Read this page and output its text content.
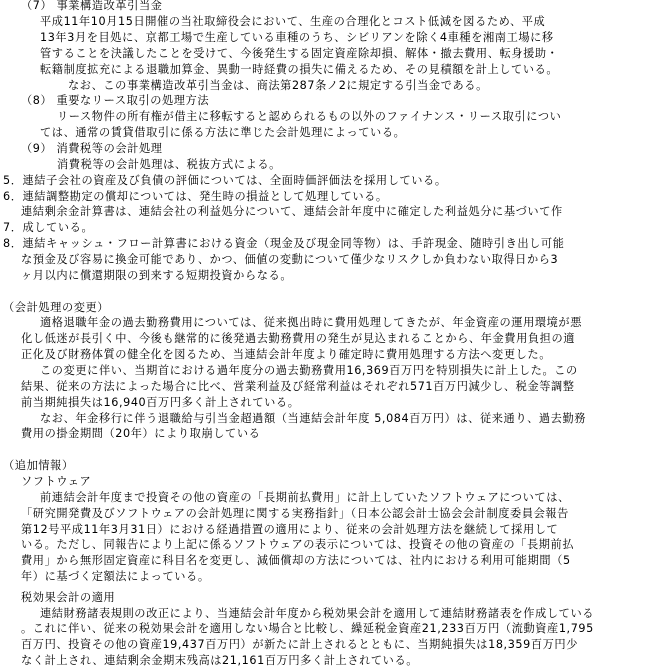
（7） 事業構造改革引当金
平成11年10月15日開催の当社取締役会において、生産の合理化とコスト低減を図るため、平成
13年3月を目処に、京都工場で生産している車種のうち、シビリアンを除く4車種を湘南工場に移
管することを決議したことを受けて、今後発生する固定資産除却損、解体・撤去費用、転身援助・
転籍制度拡充による退職加算金、異動一時経費の損失に備えるため、その見積額を計上している。
なお、この事業構造改革引当金は、商法第287条ノ2に規定する引当金である。
（8） 重要なリース取引の処理方法
リース物件の所有権が借主に移転すると認められるもの以外のファイナンス・リース取引につい
ては、通常の賃貸借取引に係る方法に準じた会計処理によっている。
（9） 消費税等の会計処理
消費税等の会計処理は、税抜方式による。
5．連結子会社の資産及び負債の評価については、全面時価評価法を採用している。
6．連結調整勘定の償却については、発生時の損益として処理している。
連結剰余金計算書は、連結会社の利益処分について、連結会計年度中に確定した利益処分に基づいて作
7．成している。
8．連結キャッシュ・フロー計算書における資金（現金及び現金同等物）は、手許現金、随時引き出し可能
な預金及び容易に換金可能であり、かつ、価値の変動について僅少なリスクしか負わない取得日から3
ヶ月以内に償還期限の到来する短期投資からなる。
（会計処理の変更）
適格退職年金の過去勤務費用については、従来拠出時に費用処理してきたが、年金資産の運用環境が悪
化し低迷が長引く中、今後も継常的に後発過去勤務費用の発生が見込まれることから、年金費用負担の適
正化及び財務体質の健全化を図るため、当連結会計年度より確定時に費用処理する方法へ変更した。
この変更に伴い、当期首における過年度分の過去勤務費用16,369百万円を特別損失に計上した。この
結果、従来の方法によった場合に比べ、営業利益及び経常利益はそれぞれ571百万円減少し、税金等調整
前当期純損失は16,940百万円多く計上されている。
なお、年金移行に伴う退職給与引当金超過額（当連結会計年度 5,084百万円）は、従来通り、過去勤務
費用の掛金期間（20年）により取崩している
（追加情報）
ソフトウェア
前連結会計年度まで投資その他の資産の「長期前払費用」に計上していたソフトウェアについては、
「研究開発費及びソフトウェアの会計処理に関する実務指針」（日本公認会計士協会会計制度委員会報告
第12号平成11年3月31日）における経過措置の適用により、従来の会計処理方法を継続して採用して
いる。ただし、同報告により上記に係るソフトウェアの表示については、投資その他の資産の「長期前払
費用」から無形固定資産に科目名を変更し、減価償却の方法については、社内における利用可能期間（5
年）に基づく定額法によっている。
税効果会計の適用
連結財務諸表規則の改正により、当連結会計年度から税効果会計を適用して連結財務諸表を作成している
。これに伴い、従来の税効果会計を適用しない場合と比較し、繰延税金資産21,233百万円（流動資産1,795
百万円、投資その他の資産19,437百万円）が新たに計上されるとともに、当期純損失は18,359百万円少
なく計上され、連結剰余金期末残高は21,161百万円多く計上されている。
